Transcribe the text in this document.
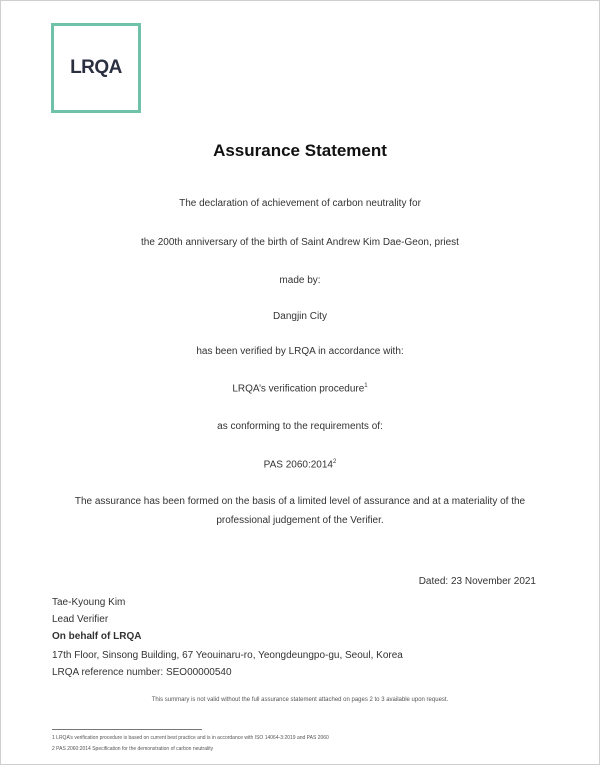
LRQA
Assurance Statement
The declaration of achievement of carbon neutrality for
the 200th anniversary of the birth of Saint Andrew Kim Dae-Geon, priest
made by:
Dangjin City
has been verified by LRQA in accordance with:
LRQA’s verification procedure$^1$
as conforming to the requirements of:
PAS 2060:2014$^2$
The assurance has been formed on the basis of a limited level of assurance and at a materiality of the professional judgement of the Verifier.
Dated: 23 November 2021
Tae-Kyoung Kim
Lead Verifier
On behalf of LRQA
17th Floor, Sinsong Building, 67 Yeouinaru-ro, Yeongdeungpo-gu, Seoul, Korea
LRQA reference number: SEO00000540
This summary is not valid without the full assurance statement attached on pages 2 to 3 available upon request.
1 LRQA’s verification procedure is based on current best practice and is in accordance with ISO 14064-3:2019 and PAS 2060
2 PAS 2060:2014 Specification for the demonstration of carbon neutrality
